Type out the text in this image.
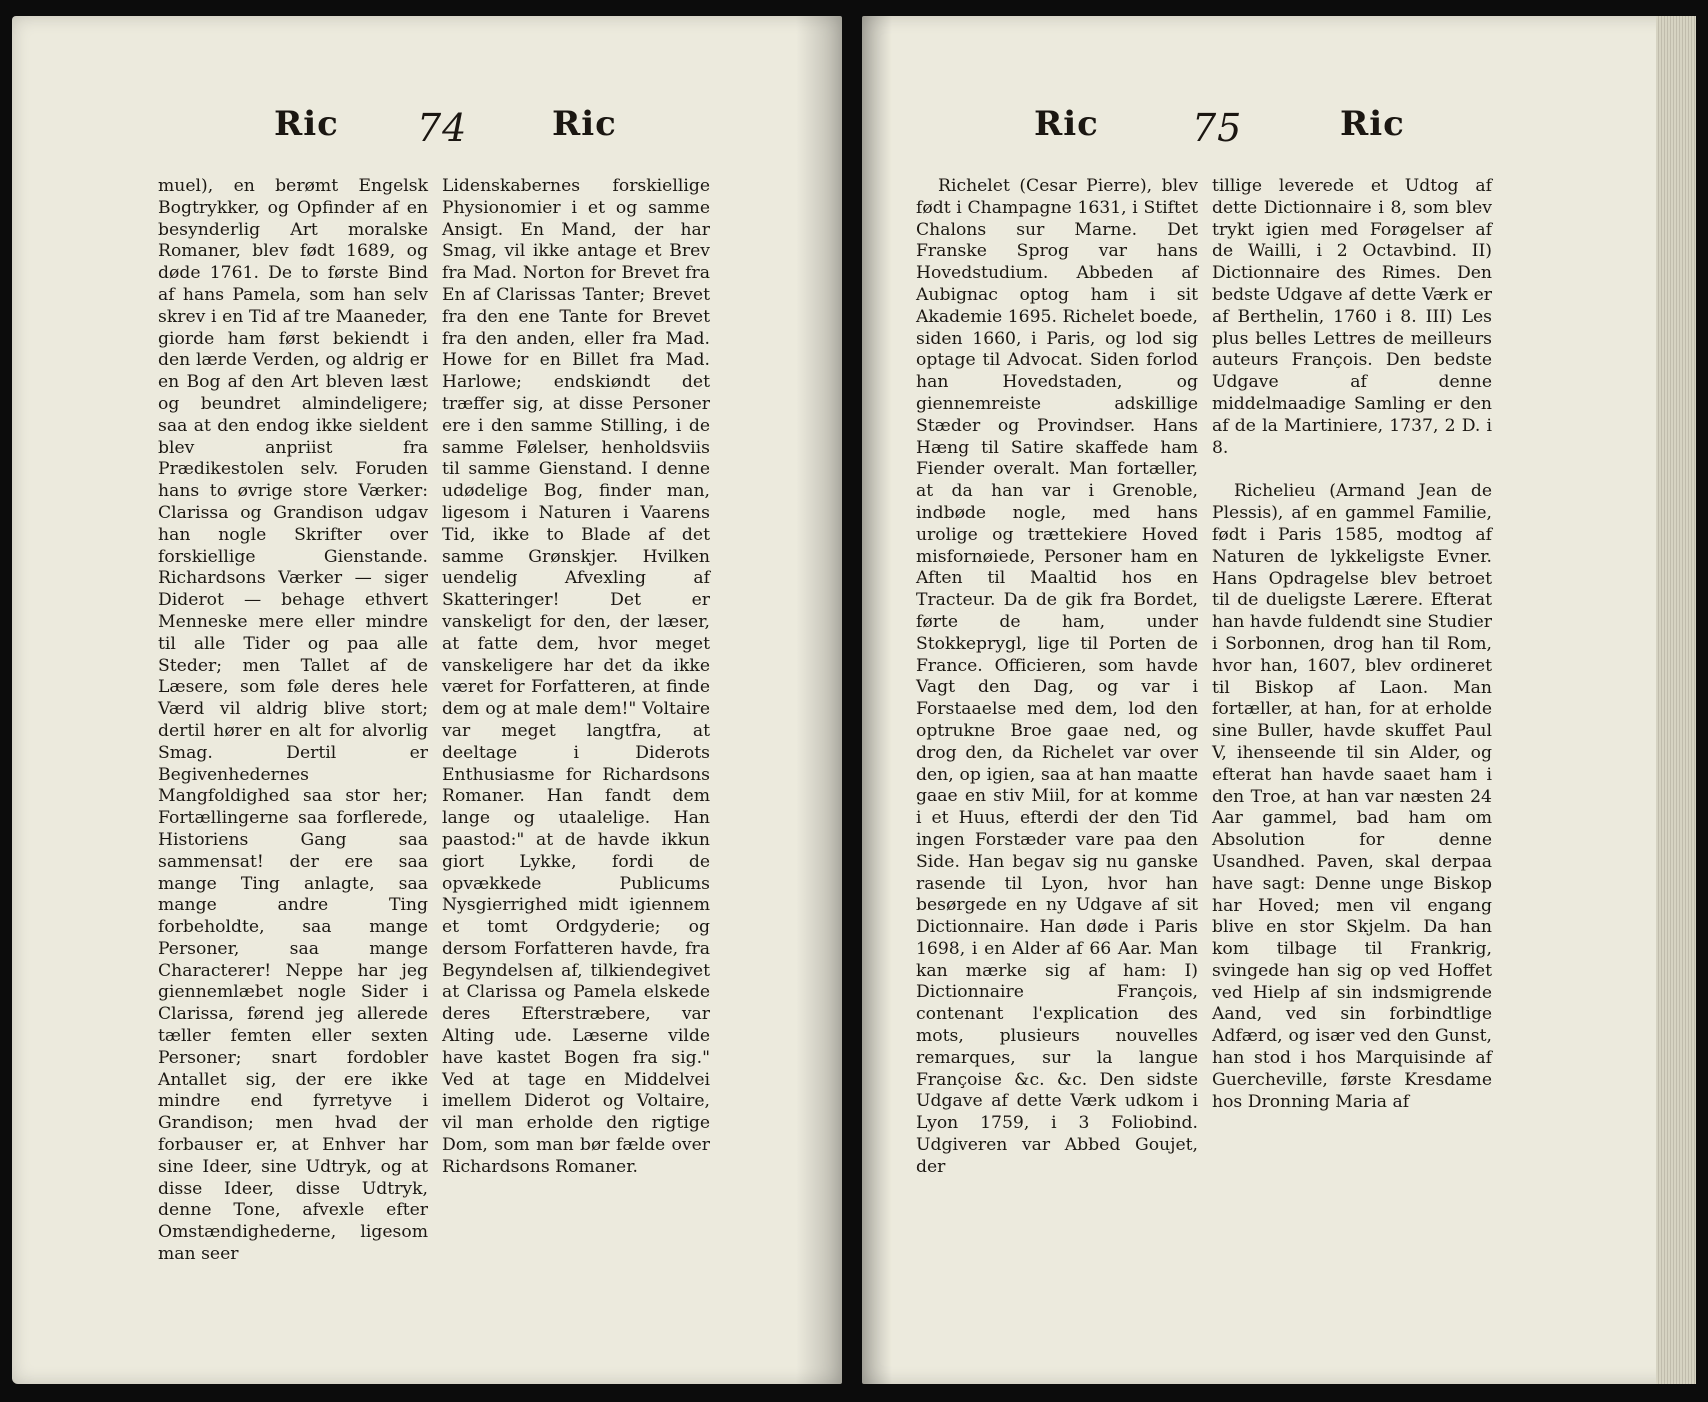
Ric 74 Ric

muel), en berømt Engelsk Bogtrykker, og Opfinder af en besynderlig Art moralske Romaner, blev født 1689, og døde 1761. De to første Bind af hans Pamela, som han selv skrev i en Tid af tre Maaneder, giorde ham først bekiendt i den lærde Verden, og aldrig er en Bog af den Art bleven læst og beundret almindeligere; saa at den endog ikke sieldent blev anpriist fra Prædikestolen selv. Foruden hans to øvrige store Værker: Clarissa og Grandison udgav han nogle Skrifter over forskiellige Gienstande. Richardsons Værker — siger Diderot — behage ethvert Menneske mere eller mindre til alle Tider og paa alle Steder; men Tallet af de Læsere, som føle deres hele Værd vil aldrig blive stort; dertil hører en alt for alvorlig Smag. Dertil er Begivenhedernes Mangfoldighed saa stor her; Fortællingerne saa forflerede, Historiens Gang saa sammensat! der ere saa mange Ting anlagte, saa mange andre Ting forbeholdte, saa mange Personer, saa mange Characterer! Neppe har jeg giennemlæbet nogle Sider i Clarissa, førend jeg allerede tæller femten eller sexten Personer; snart fordobler Antallet sig, der ere ikke mindre end fyrretyve i Grandison; men hvad der forbauser er, at Enhver har sine Ideer, sine Udtryk, og at disse Ideer, disse Udtryk, denne Tone, afvexle efter Omstændighederne, ligesom man seer

Lidenskabernes forskiellige Physionomier i et og samme Ansigt. En Mand, der har Smag, vil ikke antage et Brev fra Mad. Norton for Brevet fra En af Clarissas Tanter; Brevet fra den ene Tante for Brevet fra den anden, eller fra Mad. Howe for en Billet fra Mad. Harlowe; endskiøndt det træffer sig, at disse Personer ere i den samme Stilling, i de samme Følelser, henholdsviis til samme Gienstand. I denne udødelige Bog, finder man, ligesom i Naturen i Vaarens Tid, ikke to Blade af det samme Grønskjer. Hvilken uendelig Afvexling af Skatteringer! Det er vanskeligt for den, der læser, at fatte dem, hvor meget vanskeligere har det da ikke været for Forfatteren, at finde dem og at male dem!" Voltaire var meget langtfra, at deeltage i Diderots Enthusiasme for Richardsons Romaner. Han fandt dem lange og utaalelige. Han paastod:" at de havde ikkun giort Lykke, fordi de opvækkede Publicums Nysgierrighed midt igiennem et tomt Ordgyderie; og dersom Forfatteren havde, fra Begyndelsen af, tilkiendegivet at Clarissa og Pamela elskede deres Efterstræbere, var Alting ude. Læserne vilde have kastet Bogen fra sig." Ved at tage en Middelvei imellem Diderot og Voltaire, vil man erholde den rigtige Dom, som man bør fælde over Richardsons Romaner.

Ric 75	Ric

Richelet (Cesar Pierre), blev født i Champagne 1631, i Stiftet Chalons sur Marne. Det Franske Sprog var hans Hovedstudium. Abbeden af Aubignac optog ham i sit Akademie 1695. Richelet boede, siden 1660, i Paris, og lod sig optage til Advocat. Siden forlod han Hovedstaden, og giennemreiste adskillige Stæder og Provindser. Hans Hæng til Satire skaffede ham Fiender overalt. Man fortæller, at da han var i Grenoble, indbøde nogle, med hans urolige og trættekiere Hoved misfornøiede, Personer ham en Aften til Maaltid hos en Tracteur. Da de gik fra Bordet, førte de ham, under Stokkeprygl, lige til Porten de France. Officieren, som havde Vagt den Dag, og var i Forstaaelse med dem, lod den optrukne Broe gaae ned, og drog den, da Richelet var over den, op igien, saa at han maatte gaae en stiv Miil, for at komme i et Huus, efterdi der den Tid ingen Forstæder vare paa den Side. Han begav sig nu ganske rasende til Lyon, hvor han besørgede en ny Udgave af sit Dictionnaire. Han døde i Paris 1698, i en Alder af 66 Aar. Man kan mærke sig af ham: I) Dictionnaire François, contenant l'explication des mots, plusieurs nouvelles remarques, sur la langue Françoise &c. &c. Den sidste Udgave af dette Værk udkom i Lyon 1759, i 3 Foliobind. Udgiveren var Abbed Goujet, der

tillige leverede et Udtog af dette Dictionnaire i 8, som blev trykt igien med Forøgelser af de Wailli, i 2 Octavbind. II) Dictionnaire des Rimes. Den bedste Udgave af dette Værk er af Berthelin, 1760 i 8. III) Les plus belles Lettres de meilleurs auteurs François. Den bedste Udgave af denne middelmaadige Samling er den af de la Martiniere, 1737, 2 D. i 8.

Richelieu (Armand Jean de Plessis), af en gammel Familie, født i Paris 1585, modtog af Naturen de lykkeligste Evner. Hans Opdragelse blev betroet til de dueligste Lærere. Efterat han havde fuldendt sine Studier i Sorbonnen, drog han til Rom, hvor han, 1607, blev ordineret til Biskop af Laon. Man fortæller, at han, for at erholde sine Buller, havde skuffet Paul V, ihenseende til sin Alder, og efterat han havde saaet ham i den Troe, at han var næsten 24 Aar gammel, bad ham om Absolution for denne Usandhed. Paven, skal derpaa have sagt: Denne unge Biskop har Hoved; men vil engang blive en stor Skjelm. Da han kom tilbage til Frankrig, svingede han sig op ved Hoffet ved Hielp af sin indsmigrende Aand, ved sin forbindtlige Adfærd, og især ved den Gunst, han stod i hos Marquisinde af Guercheville, første Kresdame hos Dronning Maria af
